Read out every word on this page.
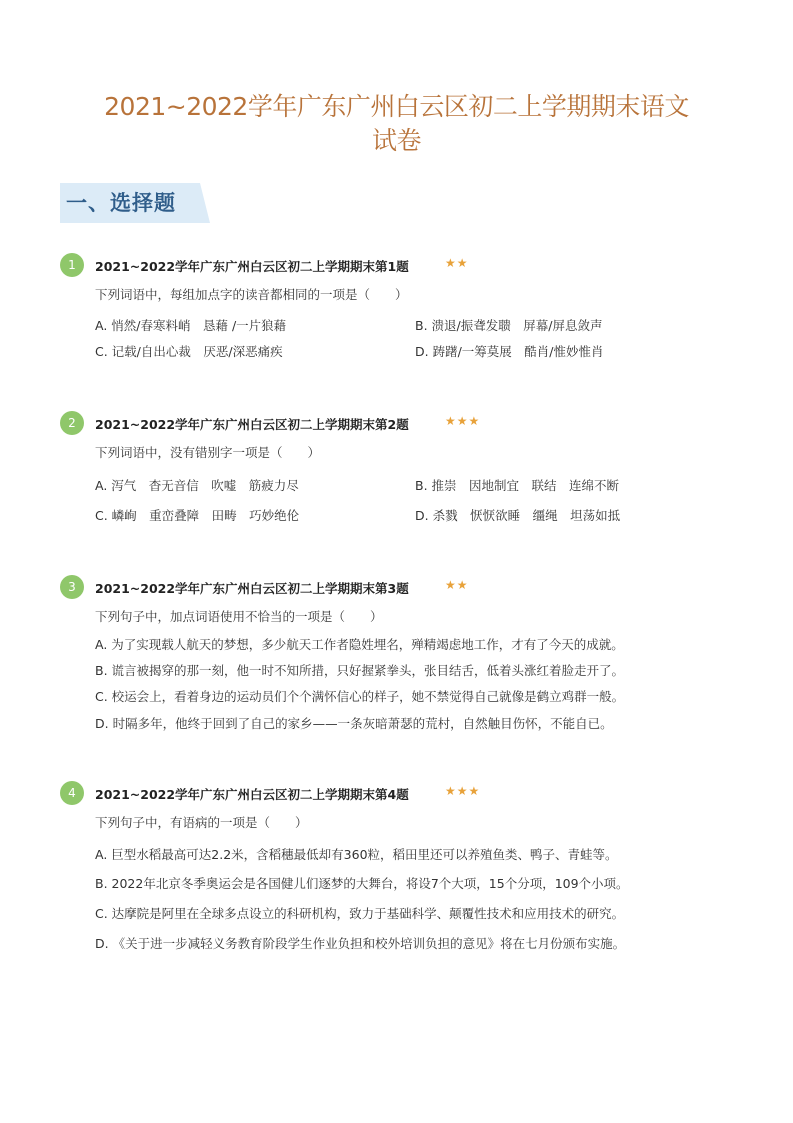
2021~2022学年广东广州白云区初二上学期期末语文
试卷
一、选择题
1	2021~2022学年广东广州白云区初二上学期期末第1题	★★
下列词语中，每组加点字的读音都相同的一项是（　　）
A. 悄然/春寒料峭　恳藉 /一片狼藉	B. 溃退/振聋发聩　屏幕/屏息敛声
C. 记载/自出心裁　厌恶/深恶痛疾	D. 踌躇/一筹莫展　酷肖/惟妙惟肖
2	2021~2022学年广东广州白云区初二上学期期末第2题	★★★
下列词语中，没有错别字一项是（　　）
A. 泻气　杳无音信　吹嘘　筋疲力尽	B. 推崇　因地制宜　联结　连绵不断
C. 嶙峋　重峦叠障　田畴　巧妙绝伦	D. 杀戮　恹恹欲睡　缰绳　坦荡如抵
3	2021~2022学年广东广州白云区初二上学期期末第3题	★★
下列句子中，加点词语使用不恰当的一项是（　　）
A. 为了实现载人航天的梦想，多少航天工作者隐姓埋名，殚精竭虑地工作，才有了今天的成就。
B. 谎言被揭穿的那一刻，他一时不知所措，只好握紧拳头，张目结舌，低着头涨红着脸走开了。
C. 校运会上，看着身边的运动员们个个满怀信心的样子，她不禁觉得自己就像是鹤立鸡群一般。
D. 时隔多年，他终于回到了自己的家乡——一条灰暗萧瑟的荒村，自然触目伤怀，不能自已。
4	2021~2022学年广东广州白云区初二上学期期末第4题	★★★
下列句子中，有语病的一项是（　　）
A. 巨型水稻最高可达2.2米，含稻穗最低却有360粒，稻田里还可以养殖鱼类、鸭子、青蛙等。
B. 2022年北京冬季奥运会是各国健儿们逐梦的大舞台，将设7个大项，15个分项，109个小项。
C. 达摩院是阿里在全球多点设立的科研机构，致力于基础科学、颠覆性技术和应用技术的研究。
D. 《关于进一步减轻义务教育阶段学生作业负担和校外培训负担的意见》将在七月份颁布实施。
